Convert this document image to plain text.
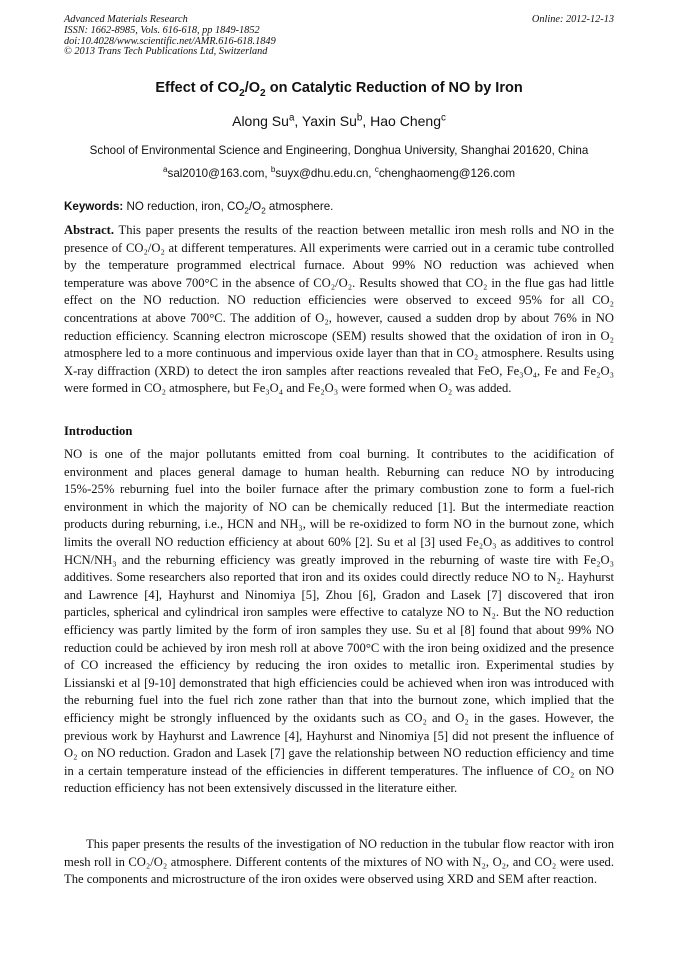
Advanced Materials Research
ISSN: 1662-8985, Vols. 616-618, pp 1849-1852
doi:10.4028/www.scientific.net/AMR.616-618.1849
© 2013 Trans Tech Publications Ltd, Switzerland
Online: 2012-12-13
Effect of $CO_2/O_2$ on Catalytic Reduction of NO by Iron
Along Su$^a$, Yaxin Su$^b$, Hao Cheng$^c$
School of Environmental Science and Engineering, Donghua University, Shanghai 201620, China
$^a$sal2010@163.com, $^b$suyx@dhu.edu.cn, $^c$chenghaomeng@126.com
Keywords: NO reduction, iron, $CO_2/O_2$ atmosphere.
Abstract. This paper presents the results of the reaction between metallic iron mesh rolls and NO in the presence of CO₂/O₂ at different temperatures. All experiments were carried out in a ceramic tube controlled by the temperature programmed electrical furnace. About 99% NO reduction was achieved when temperature was above 700°C in the absence of CO₂/O₂. Results showed that CO₂ in the flue gas had little effect on the NO reduction. NO reduction efficiencies were observed to exceed 95% for all CO₂ concentrations at above 700°C. The addition of O₂, however, caused a sudden drop by about 76% in NO reduction efficiency. Scanning electron microscope (SEM) results showed that the oxidation of iron in O₂ atmosphere led to a more continuous and impervious oxide layer than that in CO₂ atmosphere. Results using X-ray diffraction (XRD) to detect the iron samples after reactions revealed that FeO, Fe₃O₄, Fe and Fe₂O₃ were formed in CO₂ atmosphere, but Fe₃O₄ and Fe₂O₃ were formed when O₂ was added.
Introduction
NO is one of the major pollutants emitted from coal burning. It contributes to the acidification of environment and places general damage to human health. Reburning can reduce NO by introducing 15%-25% reburning fuel into the boiler furnace after the primary combustion zone to form a fuel-rich environment in which the majority of NO can be chemically reduced [1]. But the intermediate reaction products during reburning, i.e., HCN and NH₃, will be re-oxidized to form NO in the burnout zone, which limits the overall NO reduction efficiency at about 60% [2]. Su et al [3] used Fe₂O₃ as additives to control HCN/NH₃ and the reburning efficiency was greatly improved in the reburning of waste tire with Fe₂O₃ additives. Some researchers also reported that iron and its oxides could directly reduce NO to N₂. Hayhurst and Lawrence [4], Hayhurst and Ninomiya [5], Zhou [6], Gradon and Lasek [7] discovered that iron particles, spherical and cylindrical iron samples were effective to catalyze NO to N₂. But the NO reduction efficiency was partly limited by the form of iron samples they use. Su et al [8] found that about 99% NO reduction could be achieved by iron mesh roll at above 700°C with the iron being oxidized and the presence of CO increased the efficiency by reducing the iron oxides to metallic iron. Experimental studies by Lissianski et al [9-10] demonstrated that high efficiencies could be achieved when iron was introduced with the reburning fuel into the fuel rich zone rather than that into the burnout zone, which implied that the efficiency might be strongly influenced by the oxidants such as CO₂ and O₂ in the gases. However, the previous work by Hayhurst and Lawrence [4], Hayhurst and Ninomiya [5] did not present the influence of O₂ on NO reduction. Gradon and Lasek [7] gave the relationship between NO reduction efficiency and time in a certain temperature instead of the efficiencies in different temperatures. The influence of CO₂ on NO reduction efficiency has not been extensively discussed in the literature either.
This paper presents the results of the investigation of NO reduction in the tubular flow reactor with iron mesh roll in CO₂/O₂ atmosphere. Different contents of the mixtures of NO with N₂, O₂, and CO₂ were used. The components and microstructure of the iron oxides were observed using XRD and SEM after reaction.
